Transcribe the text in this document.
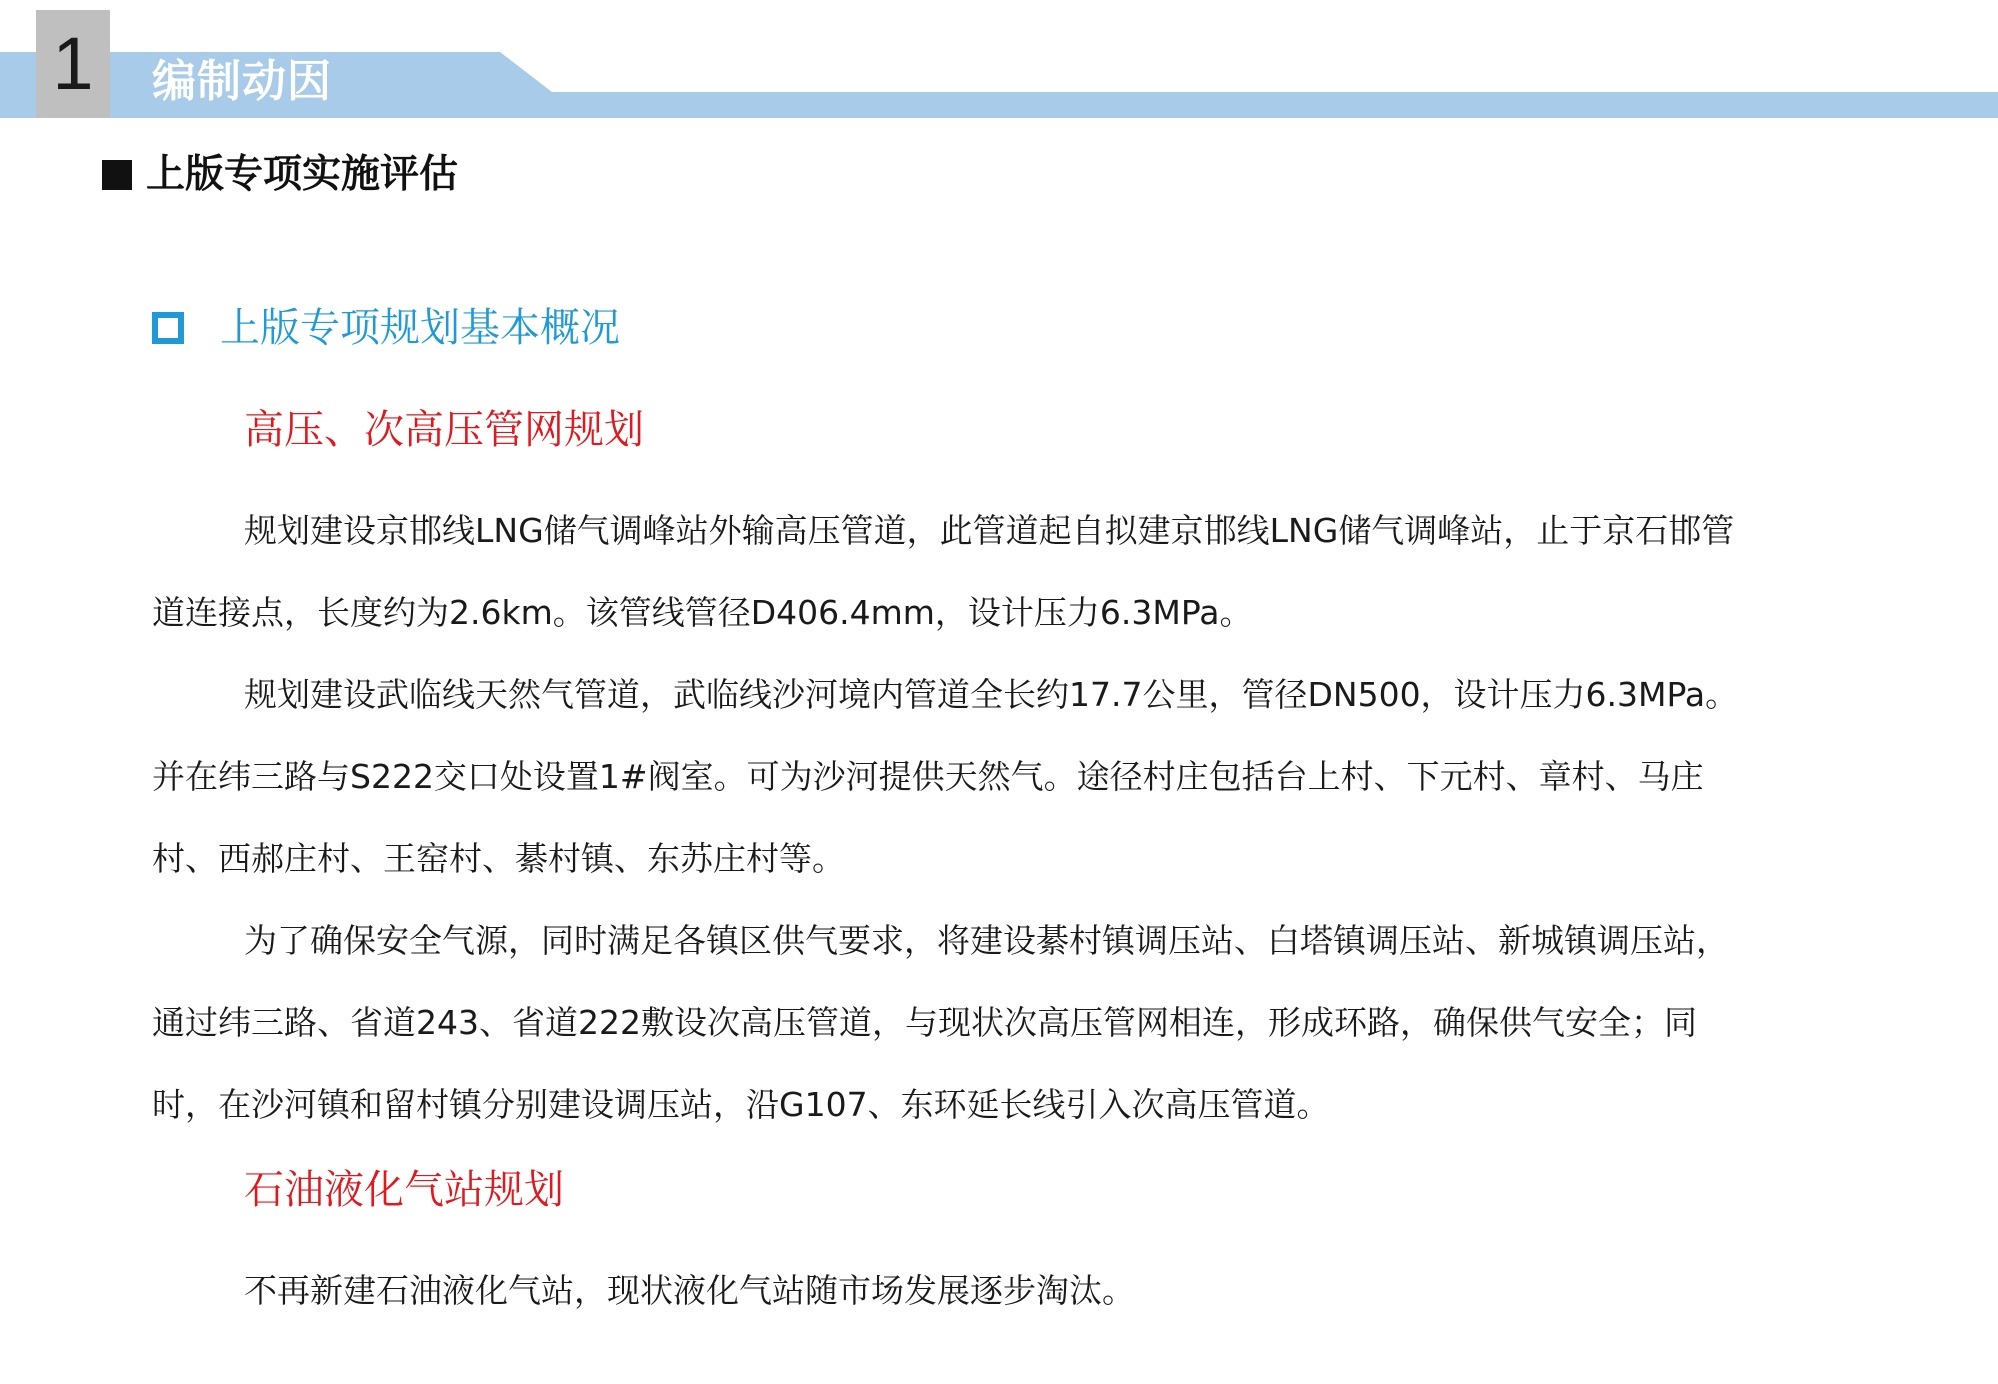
1	编制动因
上版专项实施评估
上版专项规划基本概况
高压、次高压管网规划

规划建设京邯线LNG储气调峰站外输高压管道，此管道起自拟建京邯线LNG储气调峰站，止于京石邯管道连接点，长度约为2.6km。该管线管径D406.4mm，设计压力6.3MPa。

规划建设武临线天然气管道，武临线沙河境内管道全长约17.7公里，管径DN500，设计压力6.3MPa。并在纬三路与S222交口处设置1#阀室。可为沙河提供天然气。途径村庄包括台上村、下元村、章村、马庄村、西郝庄村、王窑村、綦村镇、东苏庄村等。

为了确保安全气源，同时满足各镇区供气要求，将建设綦村镇调压站、白塔镇调压站、新城镇调压站，通过纬三路、省道243、省道222敷设次高压管道，与现状次高压管网相连，形成环路，确保供气安全；同时，在沙河镇和留村镇分别建设调压站，沿G107、东环延长线引入次高压管道。

石油液化气站规划

不再新建石油液化气站，现状液化气站随市场发展逐步淘汰。
